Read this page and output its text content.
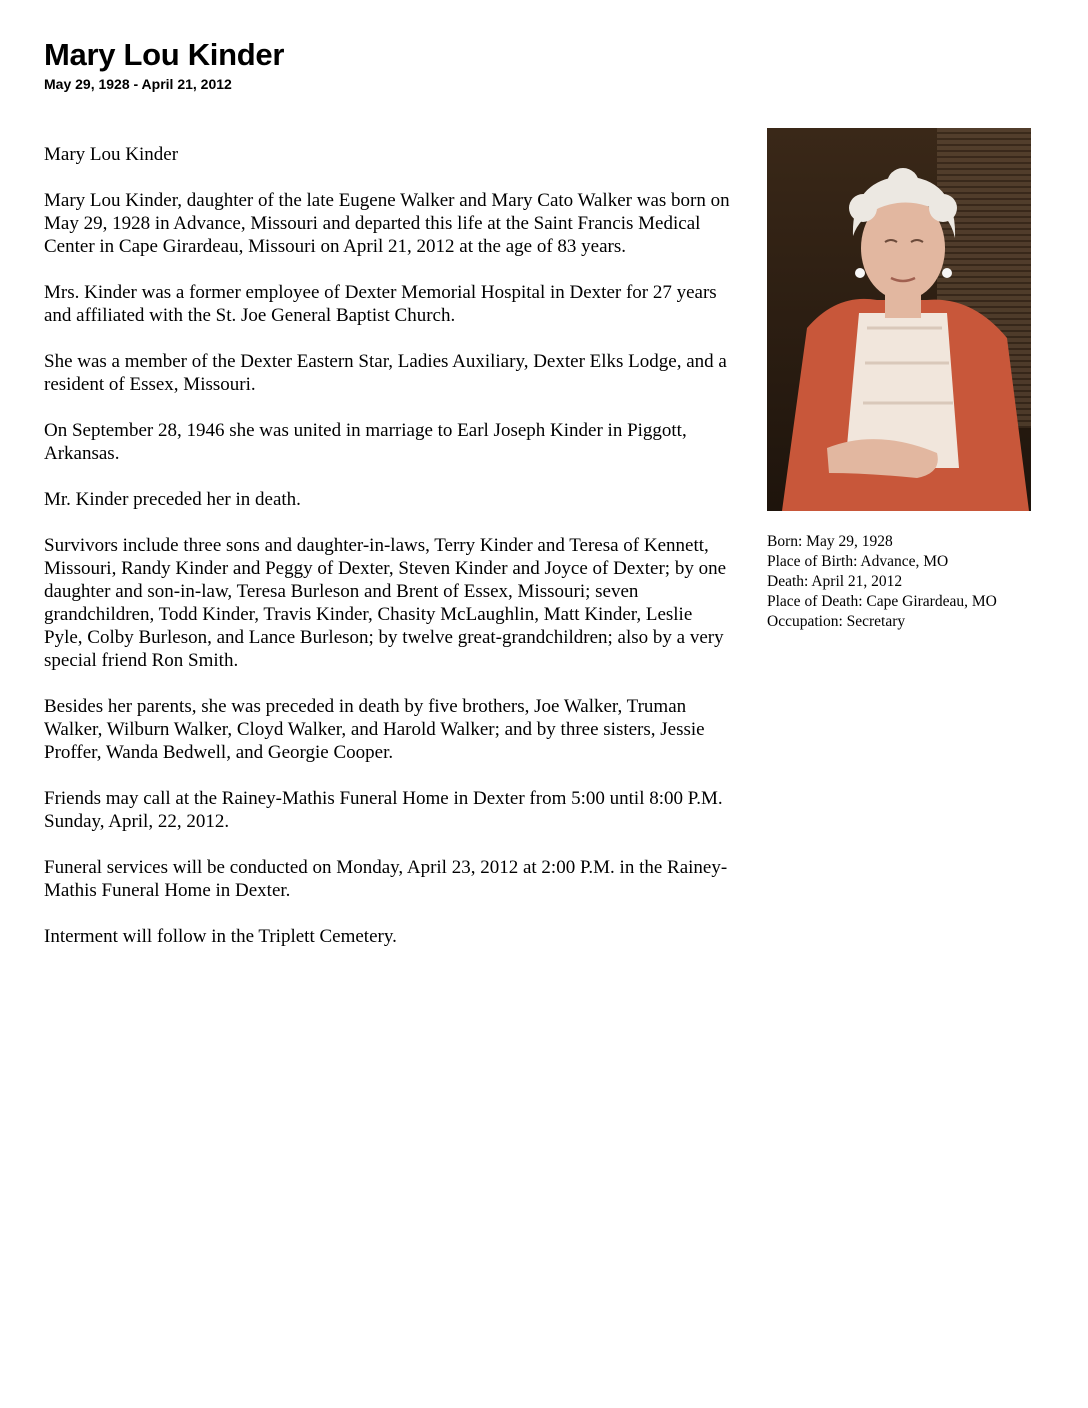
Mary Lou Kinder
May 29, 1928 - April 21, 2012

Mary Lou Kinder

Mary Lou Kinder, daughter of the late Eugene Walker and Mary Cato Walker was born on May 29, 1928 in Advance, Missouri and departed this life at the Saint Francis Medical Center in Cape Girardeau, Missouri on April 21, 2012 at the age of 83 years.

Mrs. Kinder was a former employee of Dexter Memorial Hospital in Dexter for 27 years and affiliated with the St. Joe General Baptist Church.

She was a member of the Dexter Eastern Star, Ladies Auxiliary, Dexter Elks Lodge, and a resident of Essex, Missouri.

On September 28, 1946 she was united in marriage to Earl Joseph Kinder in Piggott, Arkansas.

Mr. Kinder preceded her in death.

Survivors include three sons and daughter-in-laws, Terry Kinder and Teresa of Kennett, Missouri, Randy Kinder and Peggy of Dexter, Steven Kinder and Joyce of Dexter; by one daughter and son-in-law, Teresa Burleson and Brent of Essex, Missouri; seven grandchildren, Todd Kinder, Travis Kinder, Chasity McLaughlin, Matt Kinder, Leslie Pyle, Colby Burleson, and Lance Burleson; by twelve great-grandchildren; also by a very special friend Ron Smith.

Besides her parents, she was preceded in death by five brothers, Joe Walker, Truman Walker, Wilburn Walker, Cloyd Walker, and Harold Walker; and by three sisters, Jessie Proffer, Wanda Bedwell, and Georgie Cooper.

Friends may call at the Rainey-Mathis Funeral Home in Dexter from 5:00 until 8:00 P.M. Sunday, April, 22, 2012.

Funeral services will be conducted on Monday, April 23, 2012 at 2:00 P.M. in the Rainey-Mathis Funeral Home in Dexter.

Interment will follow in the Triplett Cemetery.

Born: May 29, 1928
Place of Birth: Advance, MO
Death: April 21, 2012
Place of Death: Cape Girardeau, MO
Occupation: Secretary
